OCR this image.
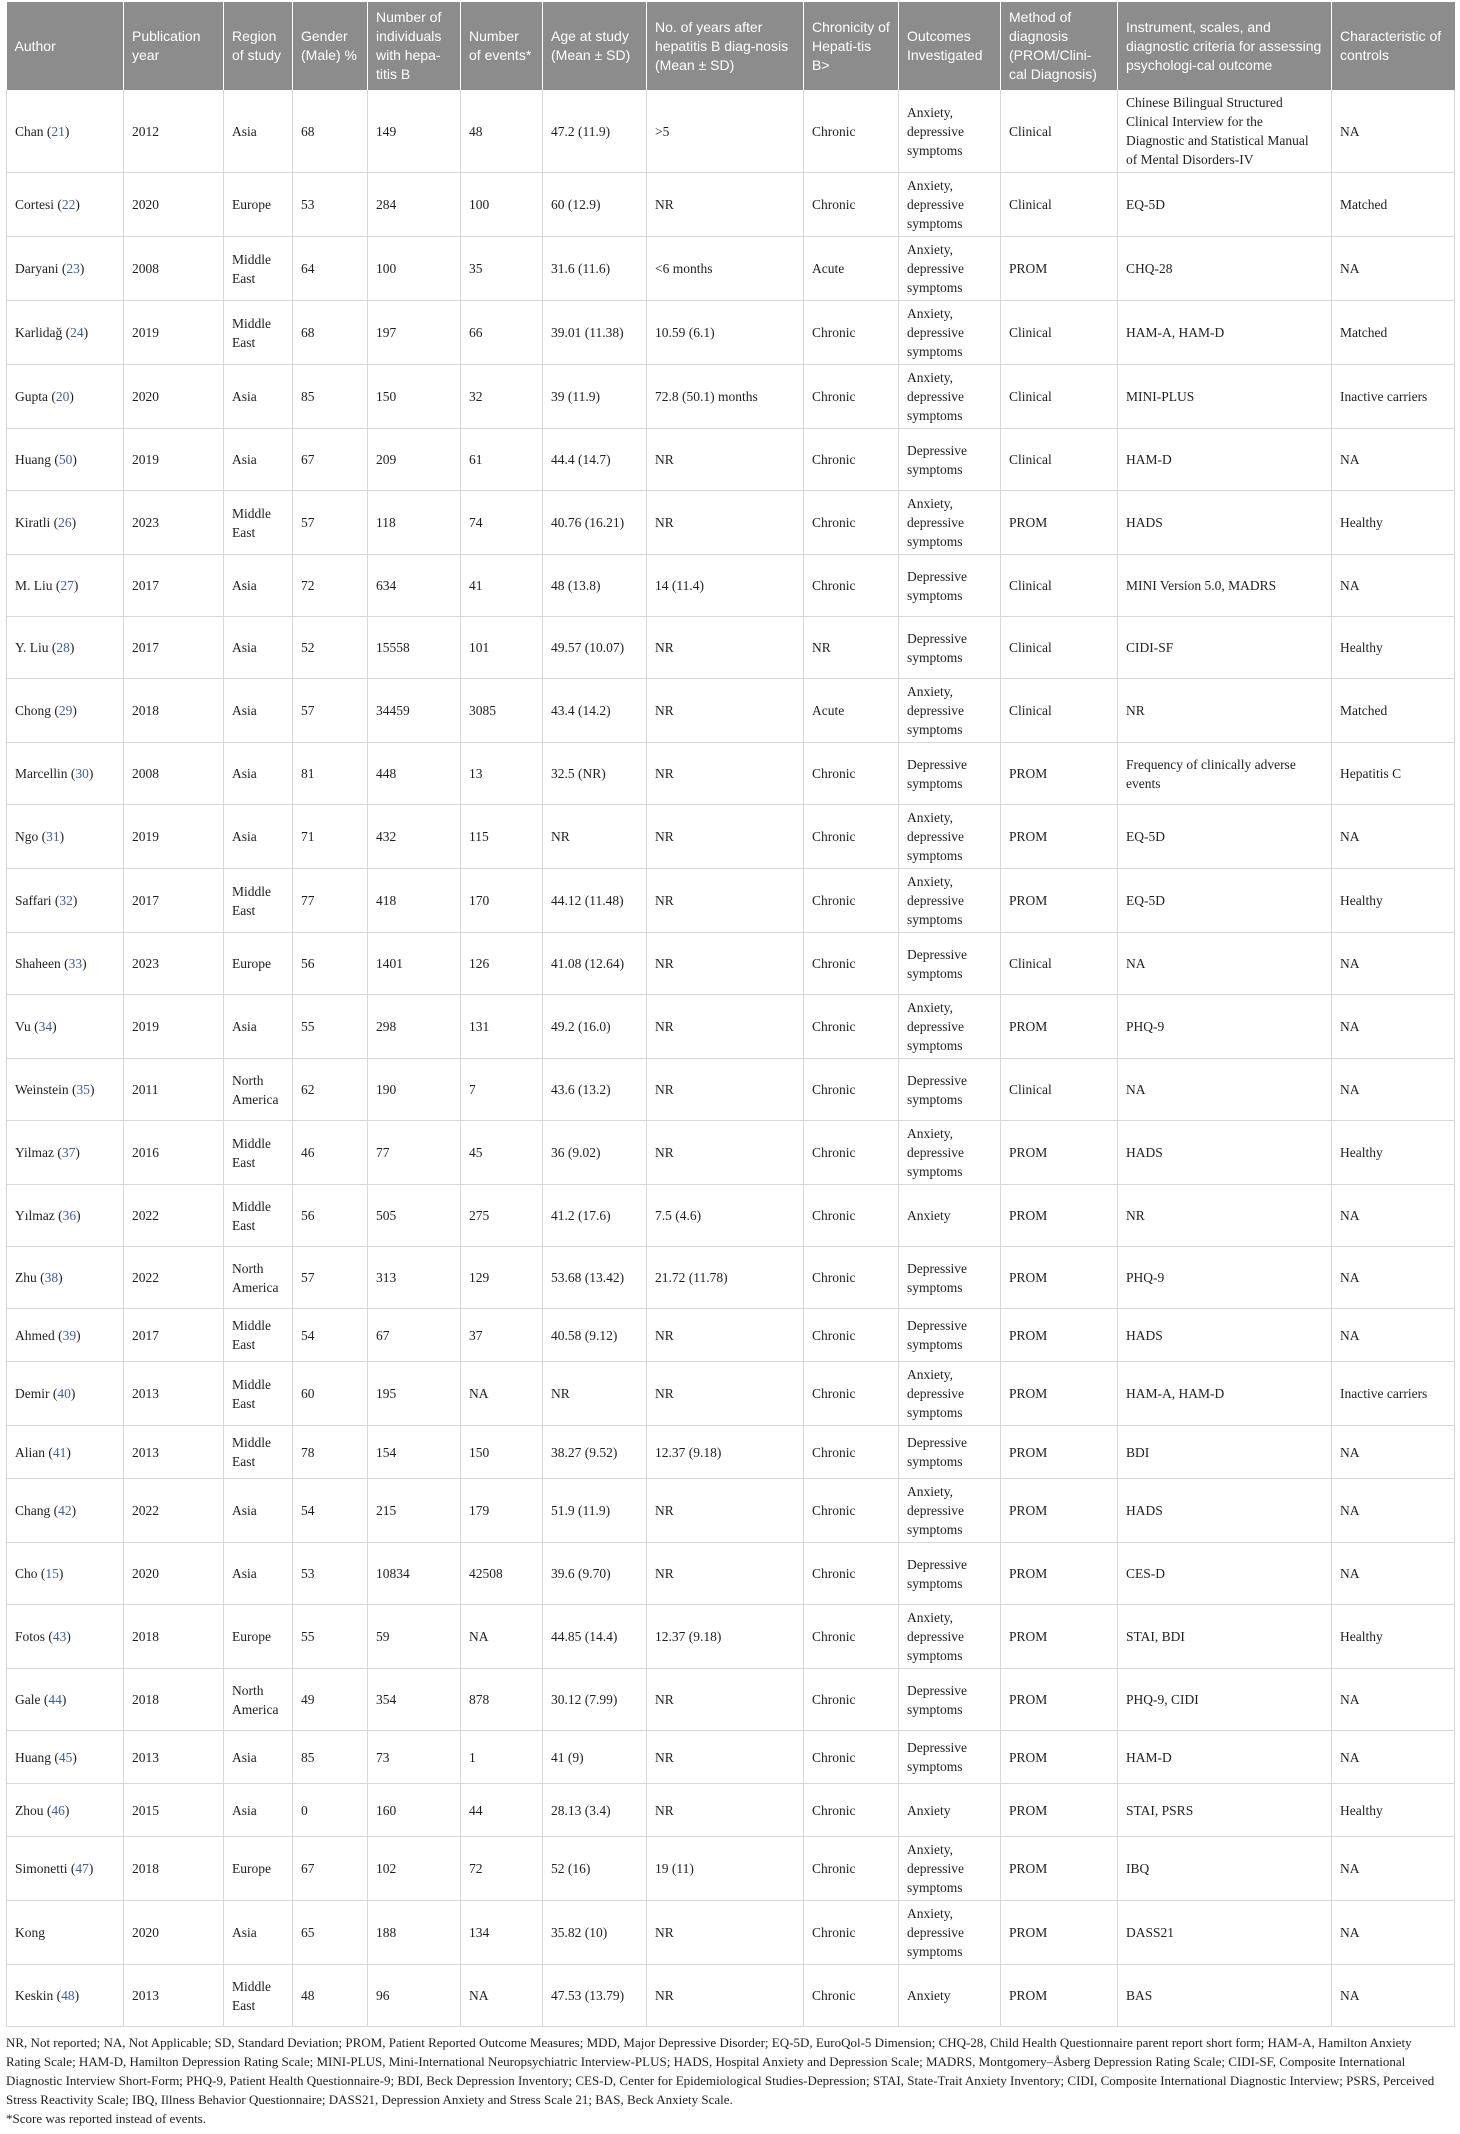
Author	Publication year	Region of study	Gender (Male) %	Number of individuals with hepa-titis B	Number of events*	Age at study (Mean ± SD)	No. of years after hepatitis B diag-nosis (Mean ± SD)	Chronicity of Hepati-tis B>	Outcomes Investigated	Method of diagnosis (PROM/Clini-cal Diagnosis)	Instrument, scales, and diagnostic criteria for assessing psychologi-cal outcome	Characteristic of controls
Chan (21)	2012	Asia	68	149	48	47.2 (11.9)	>5	Chronic	Anxiety, depressive symptoms	Clinical	Chinese Bilingual Structured Clinical Interview for the Diagnostic and Statistical Manual of Mental Disorders-IV	NA
Cortesi (22)	2020	Europe	53	284	100	60 (12.9)	NR	Chronic	Anxiety, depressive symptoms	Clinical	EQ-5D	Matched
Daryani (23)	2008	Middle East	64	100	35	31.6 (11.6)	<6 months	Acute	Anxiety, depressive symptoms	PROM	CHQ-28	NA
Karlidağ (24)	2019	Middle East	68	197	66	39.01 (11.38)	10.59 (6.1)	Chronic	Anxiety, depressive symptoms	Clinical	HAM-A, HAM-D	Matched
Gupta (20)	2020	Asia	85	150	32	39 (11.9)	72.8 (50.1) months	Chronic	Anxiety, depressive symptoms	Clinical	MINI-PLUS	Inactive carriers
Huang (50)	2019	Asia	67	209	61	44.4 (14.7)	NR	Chronic	Depressive symptoms	Clinical	HAM-D	NA
Kiratli (26)	2023	Middle East	57	118	74	40.76 (16.21)	NR	Chronic	Anxiety, depressive symptoms	PROM	HADS	Healthy
M. Liu (27)	2017	Asia	72	634	41	48 (13.8)	14 (11.4)	Chronic	Depressive symptoms	Clinical	MINI Version 5.0, MADRS	NA
Y. Liu (28)	2017	Asia	52	15558	101	49.57 (10.07)	NR	NR	Depressive symptoms	Clinical	CIDI-SF	Healthy
Chong (29)	2018	Asia	57	34459	3085	43.4 (14.2)	NR	Acute	Anxiety, depressive symptoms	Clinical	NR	Matched
Marcellin (30)	2008	Asia	81	448	13	32.5 (NR)	NR	Chronic	Depressive symptoms	PROM	Frequency of clinically adverse events	Hepatitis C
Ngo (31)	2019	Asia	71	432	115	NR	NR	Chronic	Anxiety, depressive symptoms	PROM	EQ-5D	NA
Saffari (32)	2017	Middle East	77	418	170	44.12 (11.48)	NR	Chronic	Anxiety, depressive symptoms	PROM	EQ-5D	Healthy
Shaheen (33)	2023	Europe	56	1401	126	41.08 (12.64)	NR	Chronic	Depressive symptoms	Clinical	NA	NA
Vu (34)	2019	Asia	55	298	131	49.2 (16.0)	NR	Chronic	Anxiety, depressive symptoms	PROM	PHQ-9	NA
Weinstein (35)	2011	North America	62	190	7	43.6 (13.2)	NR	Chronic	Depressive symptoms	Clinical	NA	NA
Yilmaz (37)	2016	Middle East	46	77	45	36 (9.02)	NR	Chronic	Anxiety, depressive symptoms	PROM	HADS	Healthy
Yılmaz (36)	2022	Middle East	56	505	275	41.2 (17.6)	7.5 (4.6)	Chronic	Anxiety	PROM	NR	NA
Zhu (38)	2022	North America	57	313	129	53.68 (13.42)	21.72 (11.78)	Chronic	Depressive symptoms	PROM	PHQ-9	NA
Ahmed (39)	2017	Middle East	54	67	37	40.58 (9.12)	NR	Chronic	Depressive symptoms	PROM	HADS	NA
Demir (40)	2013	Middle East	60	195	NA	NR	NR	Chronic	Anxiety, depressive symptoms	PROM	HAM-A, HAM-D	Inactive carriers
Alian (41)	2013	Middle East	78	154	150	38.27 (9.52)	12.37 (9.18)	Chronic	Depressive symptoms	PROM	BDI	NA
Chang (42)	2022	Asia	54	215	179	51.9 (11.9)	NR	Chronic	Anxiety, depressive symptoms	PROM	HADS	NA
Cho (15)	2020	Asia	53	10834	42508	39.6 (9.70)	NR	Chronic	Depressive symptoms	PROM	CES-D	NA
Fotos (43)	2018	Europe	55	59	NA	44.85 (14.4)	12.37 (9.18)	Chronic	Anxiety, depressive symptoms	PROM	STAI, BDI	Healthy
Gale (44)	2018	North America	49	354	878	30.12 (7.99)	NR	Chronic	Depressive symptoms	PROM	PHQ-9, CIDI	NA
Huang (45)	2013	Asia	85	73	1	41 (9)	NR	Chronic	Depressive symptoms	PROM	HAM-D	NA
Zhou (46)	2015	Asia	0	160	44	28.13 (3.4)	NR	Chronic	Anxiety	PROM	STAI, PSRS	Healthy
Simonetti (47)	2018	Europe	67	102	72	52 (16)	19 (11)	Chronic	Anxiety, depressive symptoms	PROM	IBQ	NA
Kong	2020	Asia	65	188	134	35.82 (10)	NR	Chronic	Anxiety, depressive symptoms	PROM	DASS21	NA
Keskin (48)	2013	Middle East	48	96	NA	47.53 (13.79)	NR	Chronic	Anxiety	PROM	BAS	NA
NR, Not reported; NA, Not Applicable; SD, Standard Deviation; PROM, Patient Reported Outcome Measures; MDD, Major Depressive Disorder; EQ-5D, EuroQol-5 Dimension; CHQ-28, Child Health Questionnaire parent report short form; HAM-A, Hamilton Anxiety Rating Scale; HAM-D, Hamilton Depression Rating Scale; MINI-PLUS, Mini-International Neuropsychiatric Interview-PLUS; HADS, Hospital Anxiety and Depression Scale; MADRS, Montgomery–Åsberg Depression Rating Scale; CIDI-SF, Composite International Diagnostic Interview Short-Form; PHQ-9, Patient Health Questionnaire-9; BDI, Beck Depression Inventory; CES-D, Center for Epidemiological Studies-Depression; STAI, State-Trait Anxiety Inventory; CIDI, Composite International Diagnostic Interview; PSRS, Perceived Stress Reactivity Scale; IBQ, Illness Behavior Questionnaire; DASS21, Depression Anxiety and Stress Scale 21; BAS, Beck Anxiety Scale.
*Score was reported instead of events.
